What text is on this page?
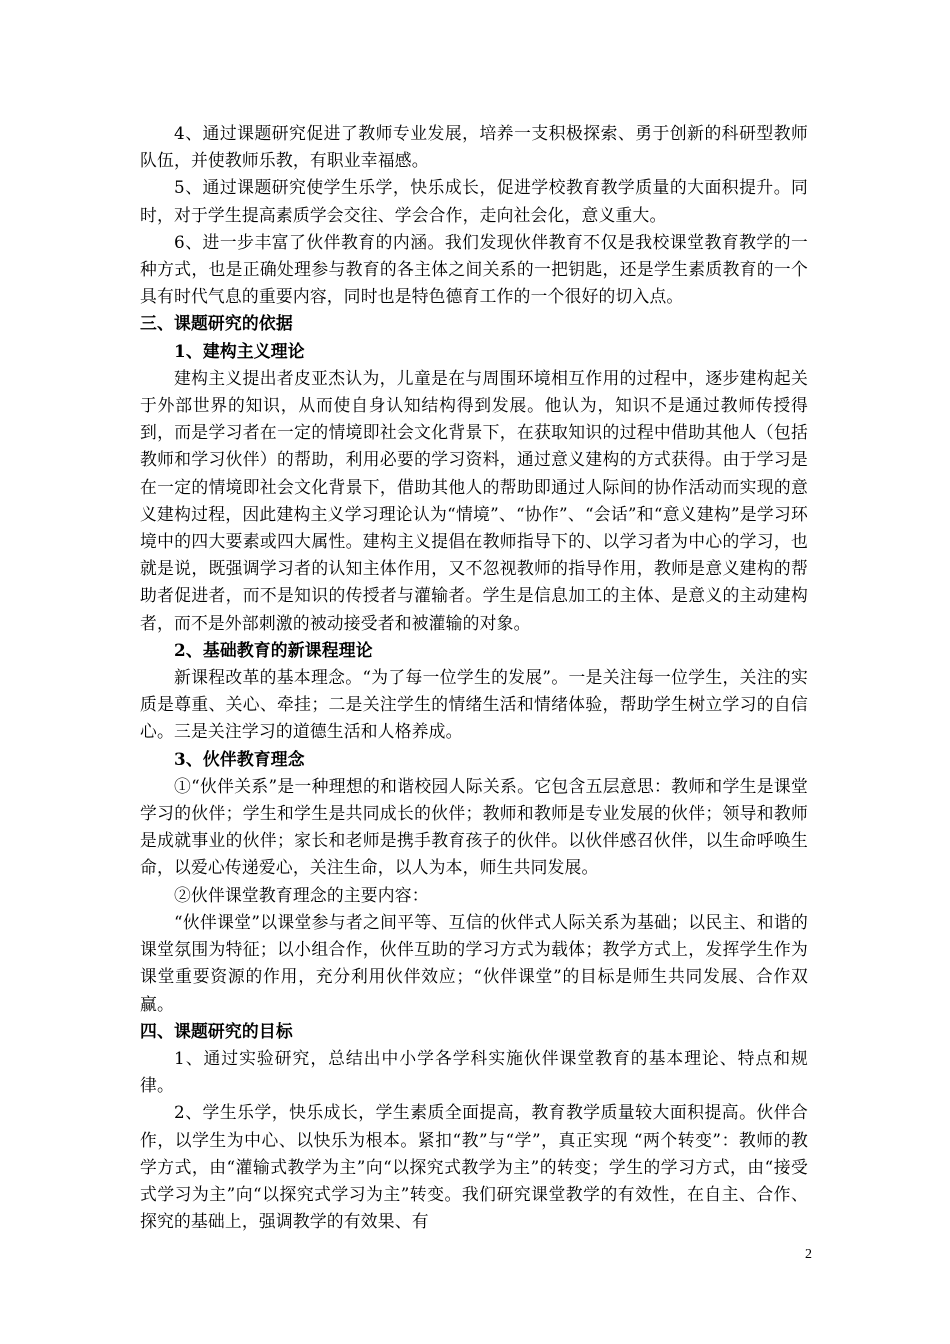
4、通过课题研究促进了教师专业发展，培养一支积极探索、勇于创新的科研型教师队伍，并使教师乐教，有职业幸福感。

5、通过课题研究使学生乐学，快乐成长，促进学校教育教学质量的大面积提升。同时，对于学生提高素质学会交往、学会合作，走向社会化，意义重大。

6、进一步丰富了伙伴教育的内涵。我们发现伙伴教育不仅是我校课堂教育教学的一种方式，也是正确处理参与教育的各主体之间关系的一把钥匙，还是学生素质教育的一个具有时代气息的重要内容，同时也是特色德育工作的一个很好的切入点。

三、课题研究的依据

1、建构主义理论

建构主义提出者皮亚杰认为，儿童是在与周围环境相互作用的过程中，逐步建构起关于外部世界的知识，从而使自身认知结构得到发展。他认为，知识不是通过教师传授得到，而是学习者在一定的情境即社会文化背景下，在获取知识的过程中借助其他人（包括教师和学习伙伴）的帮助，利用必要的学习资料，通过意义建构的方式获得。由于学习是在一定的情境即社会文化背景下，借助其他人的帮助即通过人际间的协作活动而实现的意义建构过程，因此建构主义学习理论认为“情境”、“协作”、“会话”和“意义建构”是学习环境中的四大要素或四大属性。建构主义提倡在教师指导下的、以学习者为中心的学习，也就是说，既强调学习者的认知主体作用，又不忽视教师的指导作用，教师是意义建构的帮助者促进者，而不是知识的传授者与灌输者。学生是信息加工的主体、是意义的主动建构者，而不是外部刺激的被动接受者和被灌输的对象。

2、基础教育的新课程理论

新课程改革的基本理念。“为了每一位学生的发展”。一是关注每一位学生，关注的实质是尊重、关心、牵挂；二是关注学生的情绪生活和情绪体验，帮助学生树立学习的自信心。三是关注学习的道德生活和人格养成。

3、伙伴教育理念

①“伙伴关系”是一种理想的和谐校园人际关系。它包含五层意思：教师和学生是课堂学习的伙伴；学生和学生是共同成长的伙伴；教师和教师是专业发展的伙伴；领导和教师是成就事业的伙伴；家长和老师是携手教育孩子的伙伴。以伙伴感召伙伴，以生命呼唤生命，以爱心传递爱心，关注生命，以人为本，师生共同发展。

②伙伴课堂教育理念的主要内容：

“伙伴课堂”以课堂参与者之间平等、互信的伙伴式人际关系为基础；以民主、和谐的课堂氛围为特征；以小组合作，伙伴互助的学习方式为载体；教学方式上，发挥学生作为课堂重要资源的作用，充分利用伙伴效应；“伙伴课堂”的目标是师生共同发展、合作双赢。

四、课题研究的目标

1、通过实验研究，总结出中小学各学科实施伙伴课堂教育的基本理论、特点和规律。

2、学生乐学，快乐成长，学生素质全面提高，教育教学质量较大面积提高。伙伴合作，以学生为中心、以快乐为根本。紧扣“教”与“学”，真正实现 “两个转变”：教师的教学方式，由“灌输式教学为主”向“以探究式教学为主”的转变；学生的学习方式，由“接受式学习为主”向“以探究式学习为主”转变。我们研究课堂教学的有效性，在自主、合作、探究的基础上，强调教学的有效果、有

2
